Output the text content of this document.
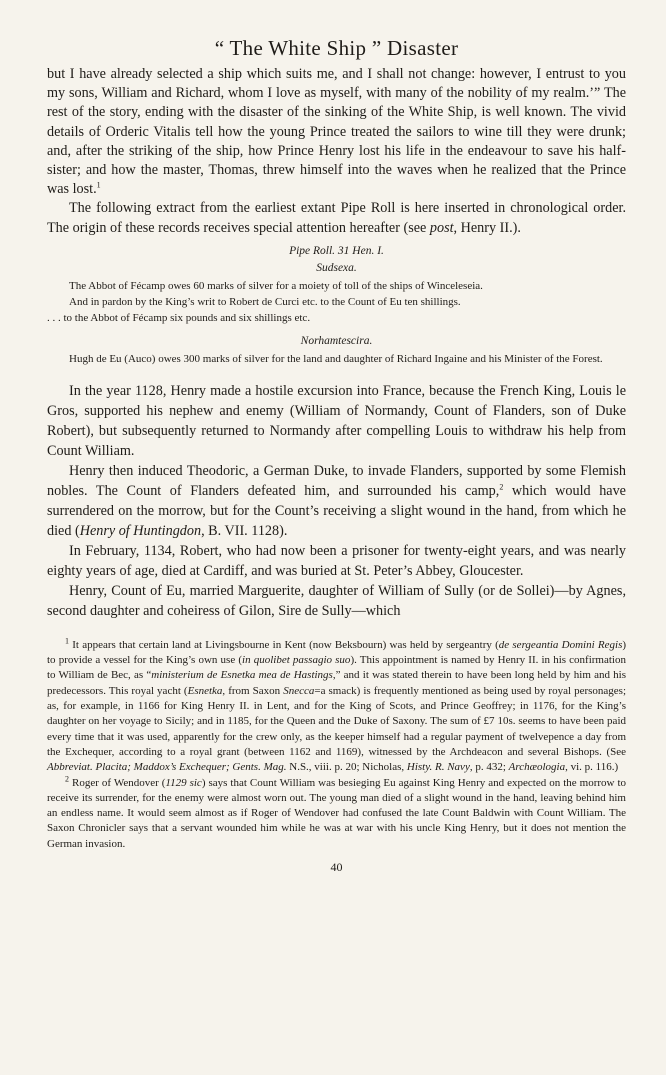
“ The White Ship ” Disaster

but I have already selected a ship which suits me, and I shall not change: however, I entrust to you my sons, William and Richard, whom I love as myself, with many of the nobility of my realm.’” The rest of the story, ending with the disaster of the sinking of the White Ship, is well known. The vivid details of Orderic Vitalis tell how the young Prince treated the sailors to wine till they were drunk; and, after the striking of the ship, how Prince Henry lost his life in the endeavour to save his half-sister; and how the master, Thomas, threw himself into the waves when he realized that the Prince was lost.$^1$

The following extract from the earliest extant Pipe Roll is here inserted in chronological order. The origin of these records receives special attention hereafter (see post, Henry II.).

Pipe Roll. 31 Hen. I.

Sudsexa.

The Abbot of Fécamp owes 60 marks of silver for a moiety of toll of the ships of Winceleseia.

And in pardon by the King’s writ to Robert de Curci etc. to the Count of Eu ten shillings.

. . . to the Abbot of Fécamp six pounds and six shillings etc.

Norhamtescira.

Hugh de Eu (Auco) owes 300 marks of silver for the land and daughter of Richard Ingaine and his Minister of the Forest.

In the year 1128, Henry made a hostile excursion into France, because the French King, Louis le Gros, supported his nephew and enemy (William of Normandy, Count of Flanders, son of Duke Robert), but subsequently returned to Normandy after compelling Louis to withdraw his help from Count William.

Henry then induced Theodoric, a German Duke, to invade Flanders, supported by some Flemish nobles. The Count of Flanders defeated him, and surrounded his camp,$^2$ which would have surrendered on the morrow, but for the Count’s receiving a slight wound in the hand, from which he died (Henry of Huntingdon, B. VII. 1128).

In February, 1134, Robert, who had now been a prisoner for twenty-eight years, and was nearly eighty years of age, died at Cardiff, and was buried at St. Peter’s Abbey, Gloucester.

Henry, Count of Eu, married Marguerite, daughter of William of Sully (or de Sollei)—by Agnes, second daughter and coheiress of Gilon, Sire de Sully—which

$^1$ It appears that certain land at Livingsbourne in Kent (now Beksbourn) was held by sergeantry (de sergeantia Domini Regis) to provide a vessel for the King’s own use (in quolibet passagio suo). This appointment is named by Henry II. in his confirmation to William de Bec, as “ministerium de Esnetka mea de Hastings,” and it was stated therein to have been long held by him and his predecessors. This royal yacht (Esnetka, from Saxon Snecca=a smack) is frequently mentioned as being used by royal personages; as, for example, in 1166 for King Henry II. in Lent, and for the King of Scots, and Prince Geoffrey; in 1176, for the King’s daughter on her voyage to Sicily; and in 1185, for the Queen and the Duke of Saxony. The sum of £7 10s. seems to have been paid every time that it was used, apparently for the crew only, as the keeper himself had a regular payment of twelvepence a day from the Exchequer, according to a royal grant (between 1162 and 1169), witnessed by the Archdeacon and several Bishops. (See Abbreviat. Placita; Maddox’s Exchequer; Gents. Mag. N.S., viii. p. 20; Nicholas, Histy. R. Navy, p. 432; Archæologia, vi. p. 116.)

$^2$ Roger of Wendover (1129 sic) says that Count William was besieging Eu against King Henry and expected on the morrow to receive its surrender, for the enemy were almost worn out. The young man died of a slight wound in the hand, leaving behind him an endless name. It would seem almost as if Roger of Wendover had confused the late Count Baldwin with Count William. The Saxon Chronicler says that a servant wounded him while he was at war with his uncle King Henry, but it does not mention the German invasion.

40
